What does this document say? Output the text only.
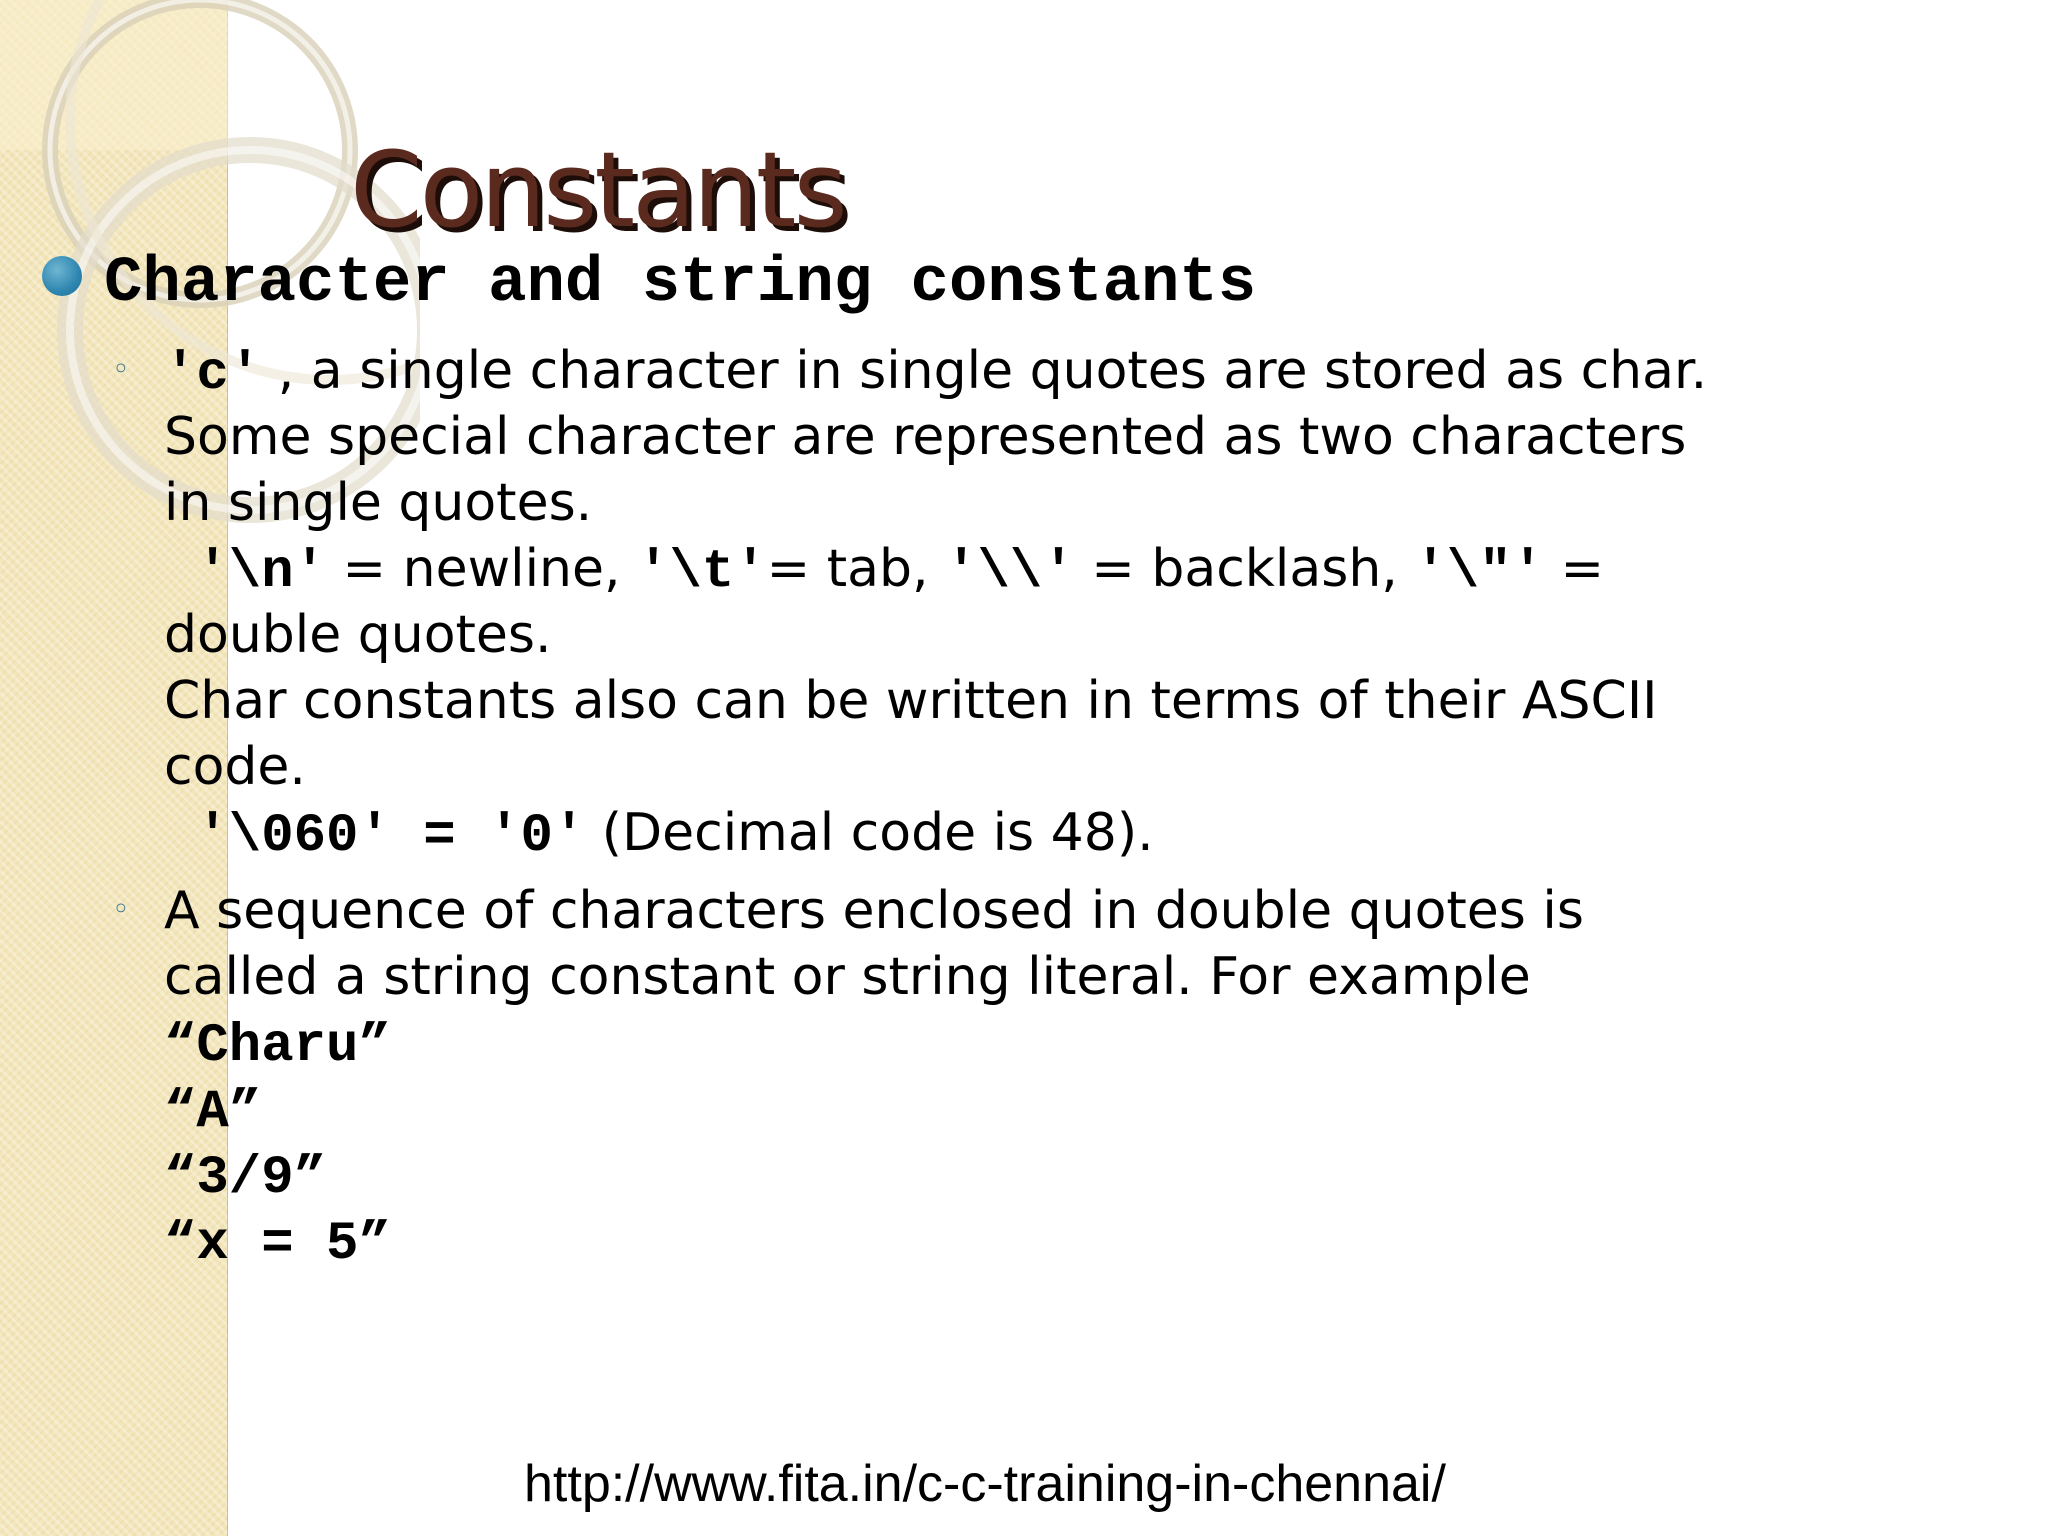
Constants
Character and string constants
◦ 'c' , a single character in single quotes are stored as char.
Some special character are represented as two characters
in single quotes.
'\n' = newline, '\t'= tab, '\\' = backlash, '\"' =
double quotes.
Char constants also can be written in terms of their ASCII
code.
'\060' = '0' (Decimal code is 48).
◦ A sequence of characters enclosed in double quotes is
called a string constant or string literal. For example
“Charu”
“A”
“3/9”
“x = 5”
http://www.fita.in/c-c-training-in-chennai/
